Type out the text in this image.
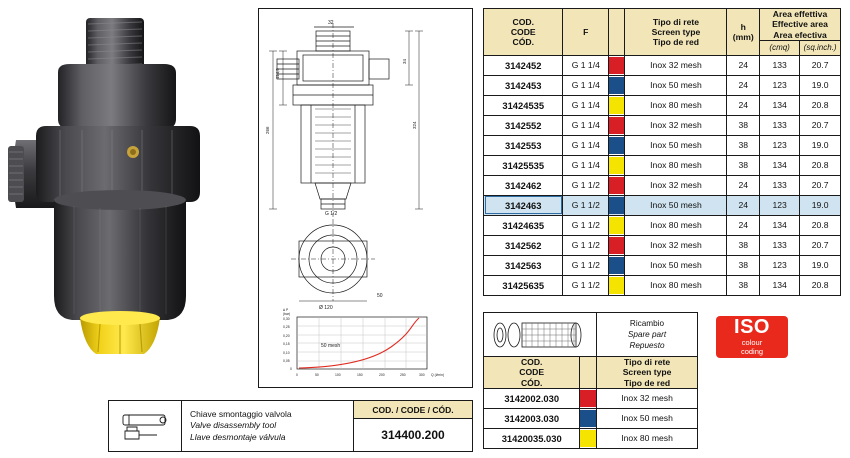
32
114,5
266
34
324
G 1/2
Ø 120
50
0,30
0,25
0,20
0,15
0,10
0,05
0
0	50	100	150	200	250	300 Q (l/min)
∆ P
(bar)
50 mesh
Chiave smontaggio valvola
Valve disassembly tool
Llave desmontaje válvula
COD. / CODE / CÓD.
314400.200
COD.
CODE
CÓD.
	F		
Tipo di rete
Screen type
Tipo de red

h
(mm)

Area effettiva
Effective area
Area efectiva

					(cmq)	(sq.inch.)
3142452	G 1 1/4		Inox 32 mesh	24	133	20.7
3142453	G 1 1/4		Inox 50 mesh	24	123	19.0
31424535	G 1 1/4		Inox 80 mesh	24	134	20.8
3142552	G 1 1/4		Inox 32 mesh	38	133	20.7
3142553	G 1 1/4		Inox 50 mesh	38	123	19.0
31425535	G 1 1/4		Inox 80 mesh	38	134	20.8
3142462	G 1 1/2		Inox 32 mesh	24	133	20.7
3142463	G 1 1/2		Inox 50 mesh	24	123	19.0
31424635	G 1 1/2		Inox 80 mesh	24	134	20.8
3142562	G 1 1/2		Inox 32 mesh	38	133	20.7
3142563	G 1 1/2		Inox 50 mesh	38	123	19.0
31425635	G 1 1/2		Inox 80 mesh	38	134	20.8
Ricambio
Spare part
Repuesto
COD.
CODE
CÓD.

Tipo di rete
Screen type
Tipo de red

3142002.030		Inox 32 mesh
3142003.030		Inox 50 mesh
31420035.030		Inox 80 mesh
ISO
colour
coding
